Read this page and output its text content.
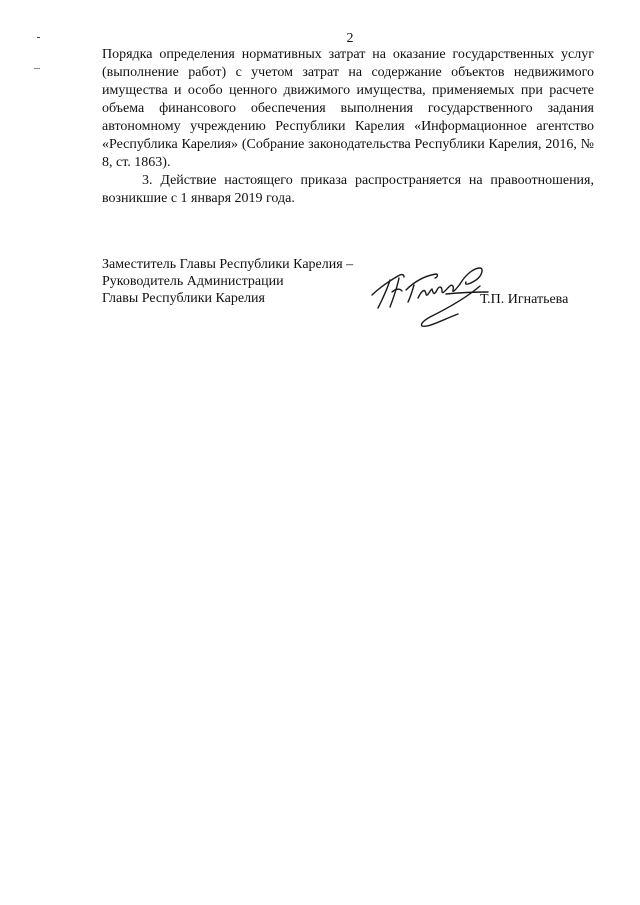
2

Порядка определения нормативных затрат на оказание государственных услуг (выполнение работ) с учетом затрат на содержание объектов недвижимого имущества и особо ценного движимого имущества, применяемых при расчете объема финансового обеспечения выполнения государственного задания автономному учреждению Республики Карелия «Информационное агентство «Республика Карелия» (Собрание законодательства Республики Карелия, 2016, № 8, ст. 1863).

3. Действие настоящего приказа распространяется на правоотношения, возникшие с 1 января 2019 года.

Заместитель Главы Республики Карелия –
Руководитель Администрации
Главы Республики Карелия	Т.П. Игнатьева
